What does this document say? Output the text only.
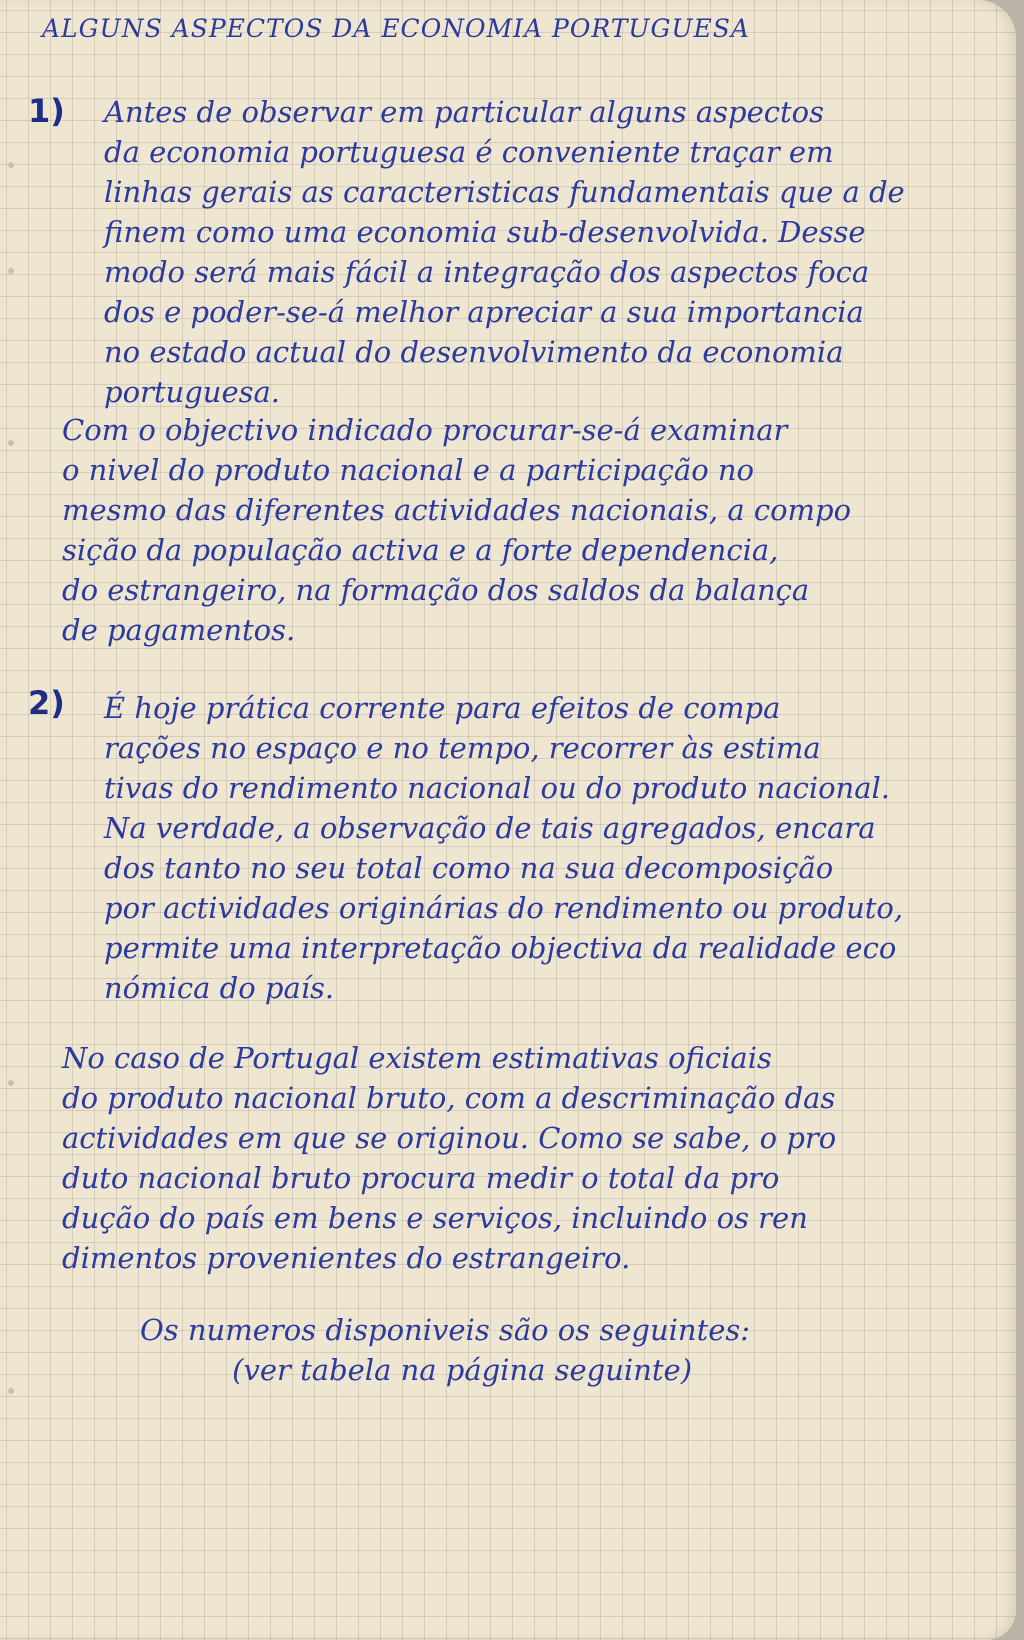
ALGUNS ASPECTOS DA ECONOMIA PORTUGUESA

1) Antes de observar em particular alguns aspectos
da economia portuguesa é conveniente traçar em
linhas gerais as caracteristicas fundamentais que a de
finem como uma economia sub-desenvolvida. Desse
modo será mais fácil a integração dos aspectos foca
dos e poder-se-á melhor apreciar a sua importancia
no estado actual do desenvolvimento da economia
portuguesa.

Com o objectivo indicado procurar-se-á examinar
o nivel do produto nacional e a participação no
mesmo das diferentes actividades nacionais, a compo
sição da população activa e a forte dependencia,
do estrangeiro, na formação dos saldos da balança
de pagamentos.

2) É hoje prática corrente para efeitos de compa
rações no espaço e no tempo, recorrer às estima
tivas do rendimento nacional ou do produto nacional.
Na verdade, a observação de tais agregados, encara
dos tanto no seu total como na sua decomposição
por actividades originárias do rendimento ou produto,
permite uma interpretação objectiva da realidade eco
nómica do país.

No caso de Portugal existem estimativas oficiais
do produto nacional bruto, com a descriminação das
actividades em que se originou. Como se sabe, o pro
duto nacional bruto procura medir o total da pro
dução do país em bens e serviços, incluindo os ren
dimentos provenientes do estrangeiro.

Os numeros disponiveis são os seguintes:
(ver tabela na página seguinte)
